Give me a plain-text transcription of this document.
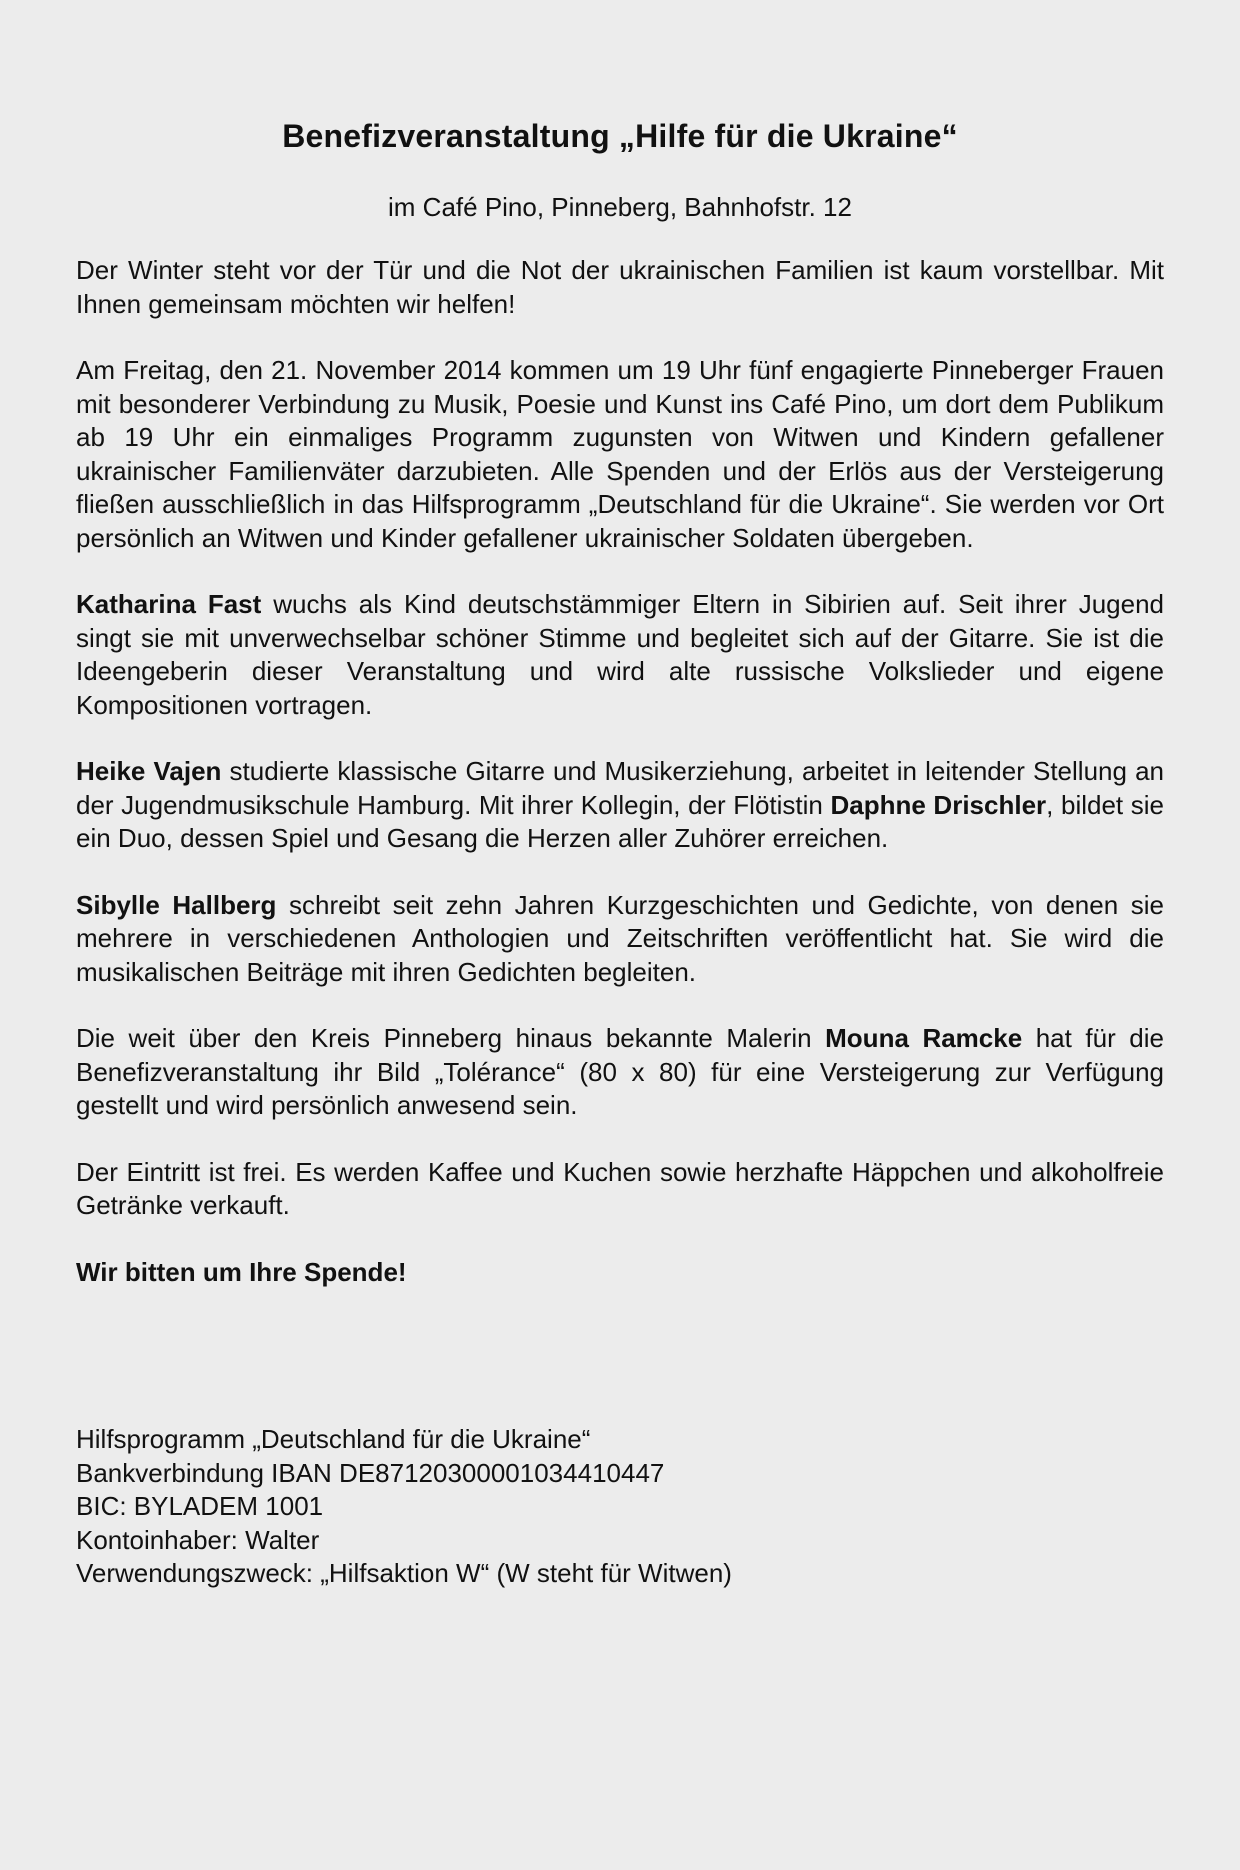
Benefizveranstaltung „Hilfe für die Ukraine“

im Café Pino, Pinneberg, Bahnhofstr. 12

Der Winter steht vor der Tür und die Not der ukrainischen Familien ist kaum vorstellbar. Mit Ihnen gemeinsam möchten wir helfen!

Am Freitag, den 21. November 2014 kommen um 19 Uhr fünf engagierte Pinneberger Frauen mit besonderer Verbindung zu Musik, Poesie und Kunst ins Café Pino, um dort dem Publikum ab 19 Uhr ein einmaliges Programm zugunsten von Witwen und Kindern gefallener ukrainischer Familienväter darzubieten. Alle Spenden und der Erlös aus der Versteigerung fließen ausschließlich in das Hilfsprogramm „Deutschland für die Ukraine“. Sie werden vor Ort persönlich an Witwen und Kinder gefallener ukrainischer Soldaten übergeben.

Katharina Fast wuchs als Kind deutschstämmiger Eltern in Sibirien auf. Seit ihrer Jugend singt sie mit unverwechselbar schöner Stimme und begleitet sich auf der Gitarre. Sie ist die Ideengeberin dieser Veranstaltung und wird alte russische Volkslieder und eigene Kompositionen vortragen.

Heike Vajen studierte klassische Gitarre und Musikerziehung, arbeitet in leitender Stellung an der Jugendmusikschule Hamburg. Mit ihrer Kollegin, der Flötistin Daphne Drischler, bildet sie ein Duo, dessen Spiel und Gesang die Herzen aller Zuhörer erreichen.

Sibylle Hallberg schreibt seit zehn Jahren Kurzgeschichten und Gedichte, von denen sie mehrere in verschiedenen Anthologien und Zeitschriften veröffentlicht hat. Sie wird die musikalischen Beiträge mit ihren Gedichten begleiten.

Die weit über den Kreis Pinneberg hinaus bekannte Malerin Mouna Ramcke hat für die Benefizveranstaltung ihr Bild „Tolérance“ (80 x 80) für eine Versteigerung zur Verfügung gestellt und wird persönlich anwesend sein.

Der Eintritt ist frei. Es werden Kaffee und Kuchen sowie herzhafte Häppchen und alkoholfreie Getränke verkauft.

Wir bitten um Ihre Spende!

Hilfsprogramm „Deutschland für die Ukraine“
Bankverbindung IBAN DE87120300001034410447
BIC: BYLADEM 1001
Kontoinhaber: Walter
Verwendungszweck: „Hilfsaktion W“ (W steht für Witwen)
